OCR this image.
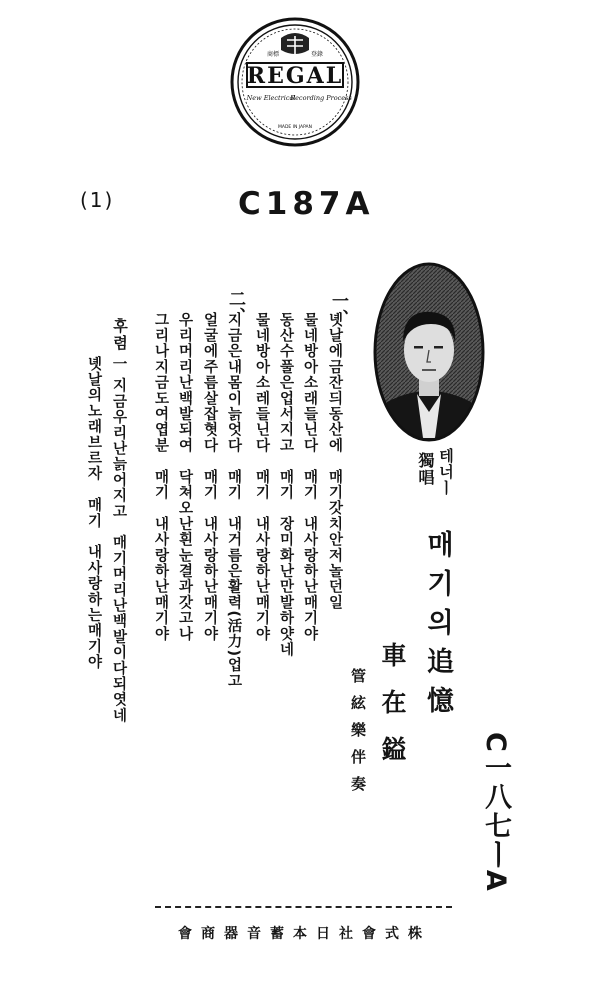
REGAL
商標	登錄
New Electrical
Recording Process
MADE IN JAPAN
(1)	C187A
一、
녯날에금잔듸동산에　매기갓치안저놀던일
물네방아소래들닌다　매기　내사랑하난매기야
동산수풀은업서지고　매기　장미화난만발하얏네
물네방아소레들닌다　매기　내사랑하난매기야
二、
지금은내몸이늙엇다　매기　내거름은활력(活力)업고
얼굴에주름살잡혓다　매기　내사랑하난매기야
우리머리난백발되여　닥쳐오난흰눈결과갓고나
그리나지금도여엽분　매기　내사랑하난매기야
후렴
一 지금우리난늙어지고　매기머리난백발이다되엿네
녯날의노래브르자　매기　내사랑하는매기야
테너ㅣ
獨唱
매기의追憶
車在鎰
管絃樂伴奏	C一八七ㅣA
會商器音蓄本日社會式株
